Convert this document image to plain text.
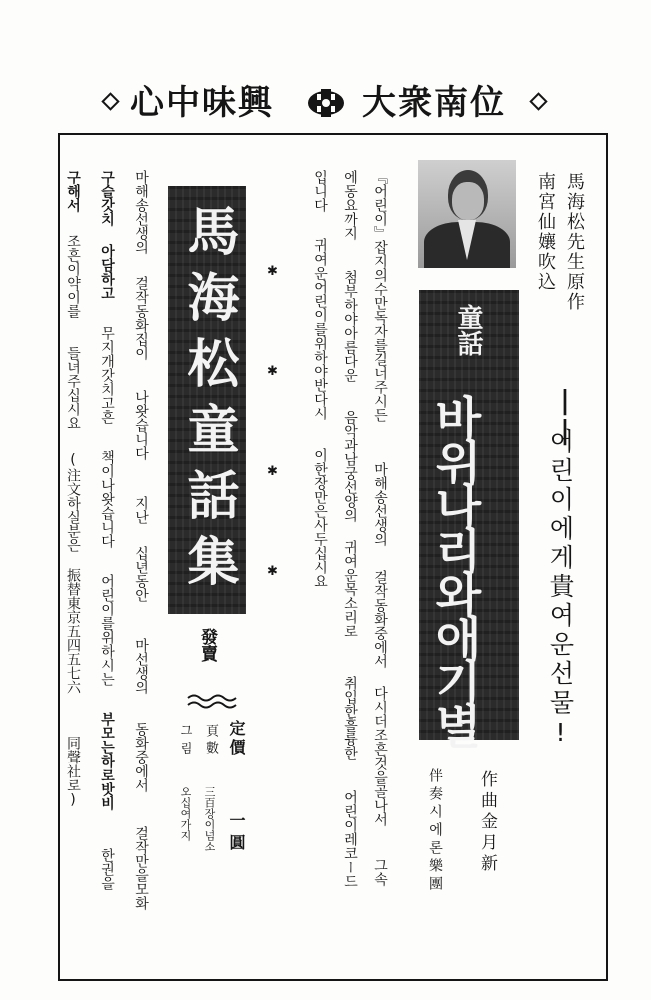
心中味興	大衆南位
馬海松先生原作
南宮仙孃吹込
||
어린이에게貴여운선물!
童話
바위나리와애기별
作曲金月新
伴奏시에론樂團
『어린이』잡지의수만독자를길너주시든
마해송선생의
걸작동화중에서
다시더조흔것을골나서
그속
에동요까지
첨부하야아름다운
음악과남궁선양의
귀여운목소리로
취입한흘륭한
어린이레코ー드
입니다
귀여운어린이를위하야반다시
이한장만은사두십시요
✱
✱
✱
✱
馬海松童話集
마해송선생의
걸작동화집이
나왓습니다
지난
십년동안
마선생의
동화중에서
걸작만을모화
구슬갓치
아담하고
무지개갓치고흔
책이나왓습니다
어린이를위하시는
부모는하로밧비
한권을
구해서
조흔이약이를
들녀주십시요
(注文하실분은
振替東京五四五七六
同聲社로)
發賣
定價
一圓
頁數
三百장이넘소
그림
오십여가지
